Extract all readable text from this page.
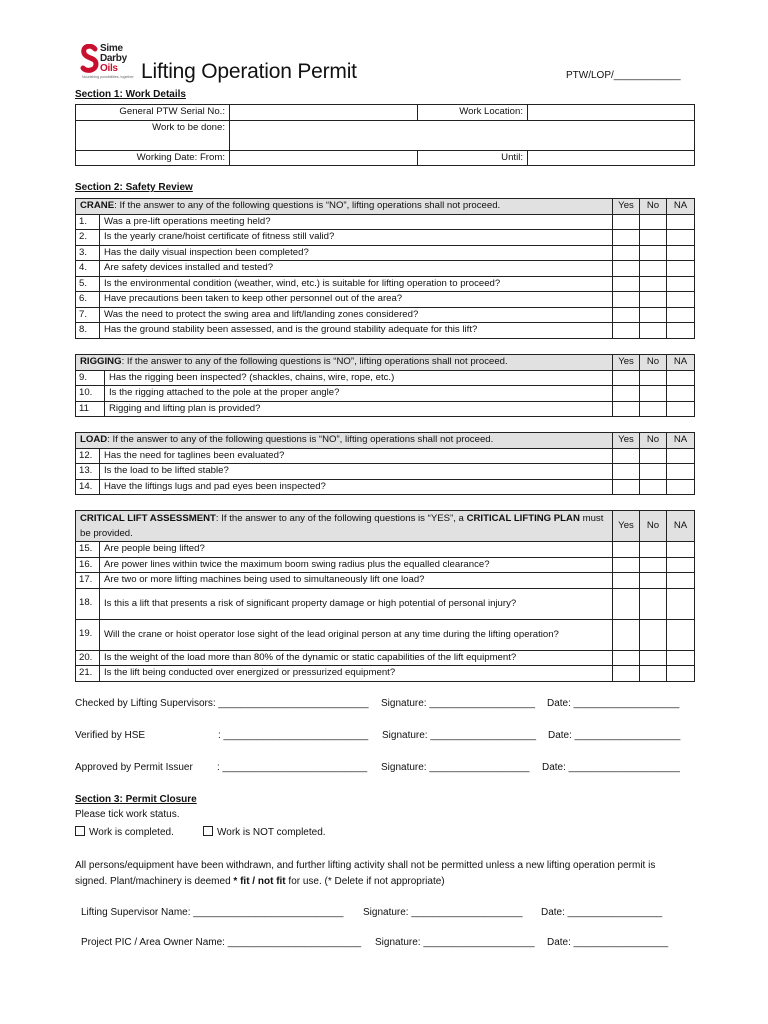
Sime
Darby
Oils
Nourishing possibilities, together Lifting Operation Permit	PTW/LOP/____________
Section 1: Work Details
General PTW Serial No.:		Work Location:	
Work to be done:			
Working Date: From:		Until:	
Section 2: Safety Review
CRANE: If the answer to any of the following questions is “NO”, lifting operations shall not proceed.		Yes	No	NA
1.	Was a pre-lift operations meeting held?			
2.	Is the yearly crane/hoist certificate of fitness still valid?			
3.	Has the daily visual inspection been completed?			
4.	Are safety devices installed and tested?			
5.	Is the environmental condition (weather, wind, etc.) is suitable for lifting operation to proceed?			
6.	Have precautions been taken to keep other personnel out of the area?			
7.	Was the need to protect the swing area and lift/landing zones considered?			
8.	Has the ground stability been assessed, and is the ground stability adequate for this lift?			
RIGGING: If the answer to any of the following questions is “NO”, lifting operations shall not proceed.		Yes	No	NA
9.	Has the rigging been inspected? (shackles, chains, wire, rope, etc.)			
10.	Is the rigging attached to the pole at the proper angle?			
11	Rigging and lifting plan is provided?			
LOAD: If the answer to any of the following questions is “NO”, lifting operations shall not proceed.		Yes	No	NA
12.	Has the need for taglines been evaluated?			
13.	Is the load to be lifted stable?			
14.	Have the liftings lugs and pad eyes been inspected?			
CRITICAL LIFT ASSESSMENT: If the answer to any of the following questions is “YES”, a CRITICAL LIFTING PLAN must be provided.		Yes	No	NA
15.	Are people being lifted?			
16.	Are power lines within twice the maximum boom swing radius plus the equalled clearance?			
17.	Are two or more lifting machines being used to simultaneously lift one load?			
18.	Is this a lift that presents a risk of significant property damage or high potential of personal injury?			
19.	Will the crane or hoist operator lose sight of the lead original person at any time during the lifting operation?			
20.	Is the weight of the load more than 80% of the dynamic or static capabilities of the lift equipment?			
21.	Is the lift being conducted over energized or pressurized equipment?			
Checked by Lifting Supervisors: ___________________________ Signature: ___________________ Date: ___________________
Verified by HSE	: __________________________ Signature: ___________________ Date: ___________________
Approved by Permit Issuer : __________________________ Signature: __________________ Date: ____________________
Section 3: Permit Closure
Please tick work status.
Work is completed.	Work is NOT completed.
All persons/equipment have been withdrawn, and further lifting activity shall not be permitted unless a new lifting operation permit is signed. Plant/machinery is deemed * fit / not fit for use. (* Delete if not appropriate)
Lifting Supervisor Name: ___________________________ Signature: ____________________ Date: _________________
Project PIC / Area Owner Name: ________________________ Signature: ____________________ Date: _________________
